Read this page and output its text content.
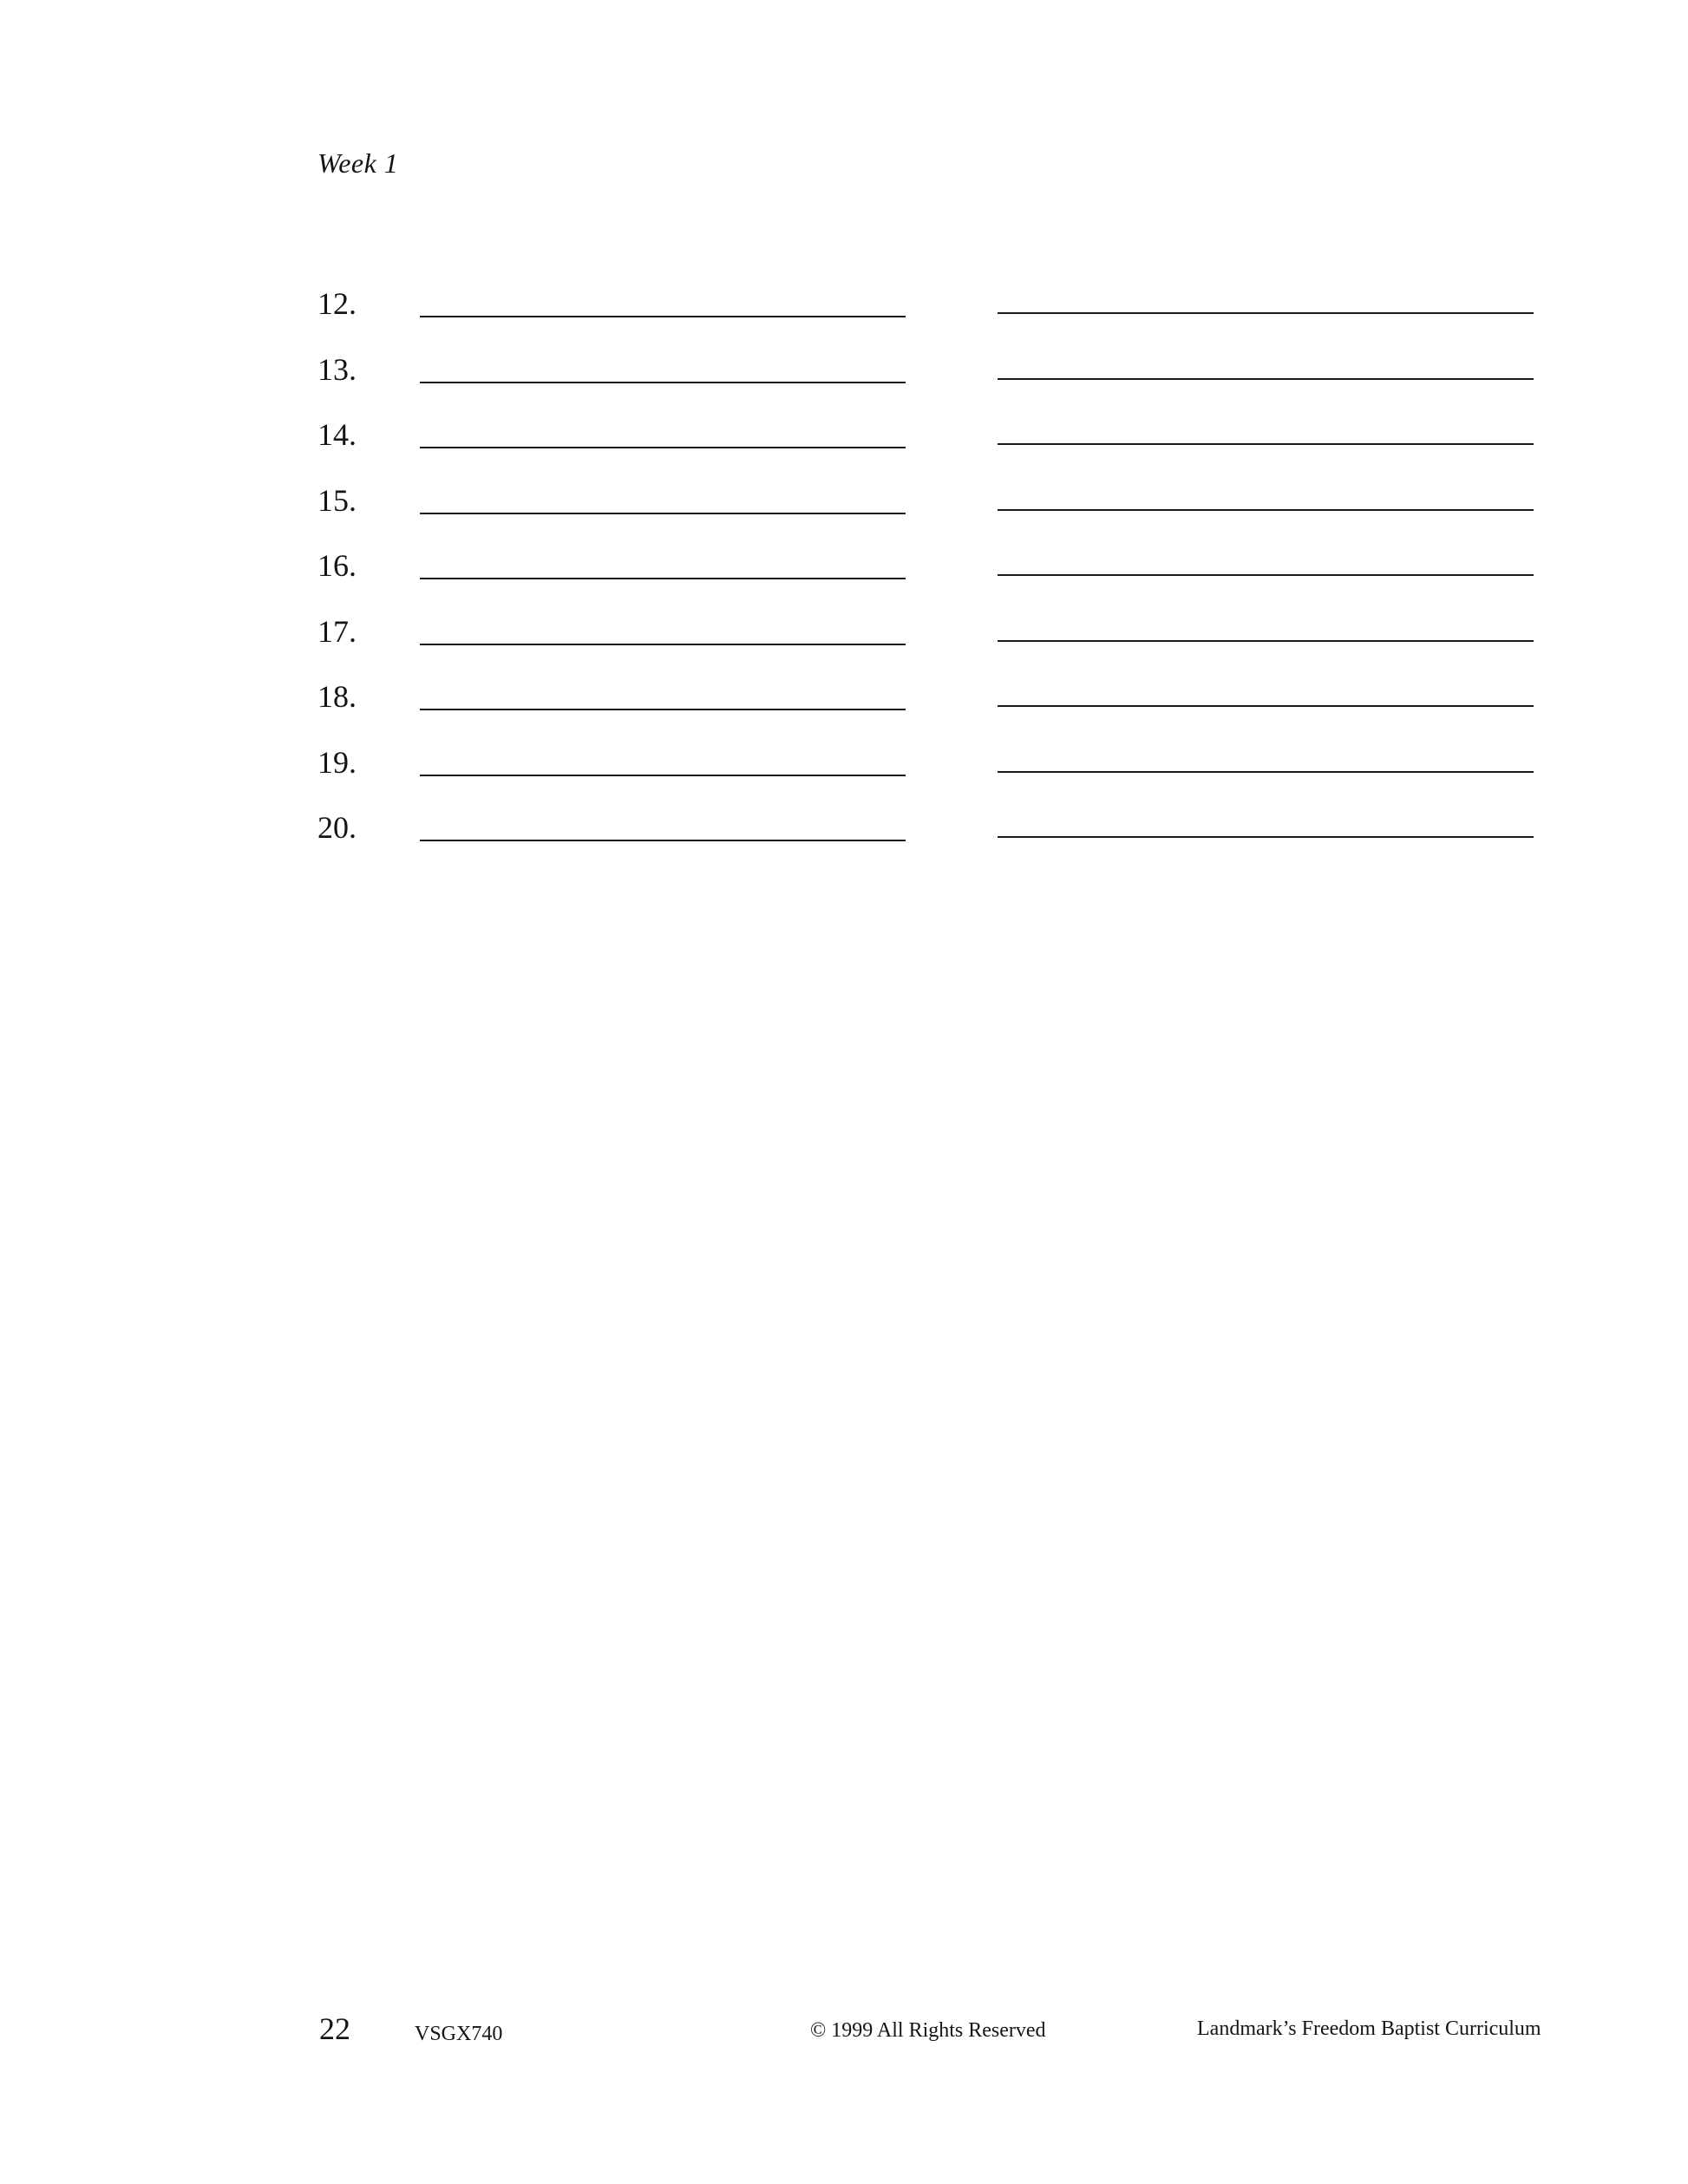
Week 1
12.
13.
14.
15.
16.
17.
18.
19.
20.
22	VSGX740	© 1999 All Rights Reserved	Landmark’s Freedom Baptist Curriculum
